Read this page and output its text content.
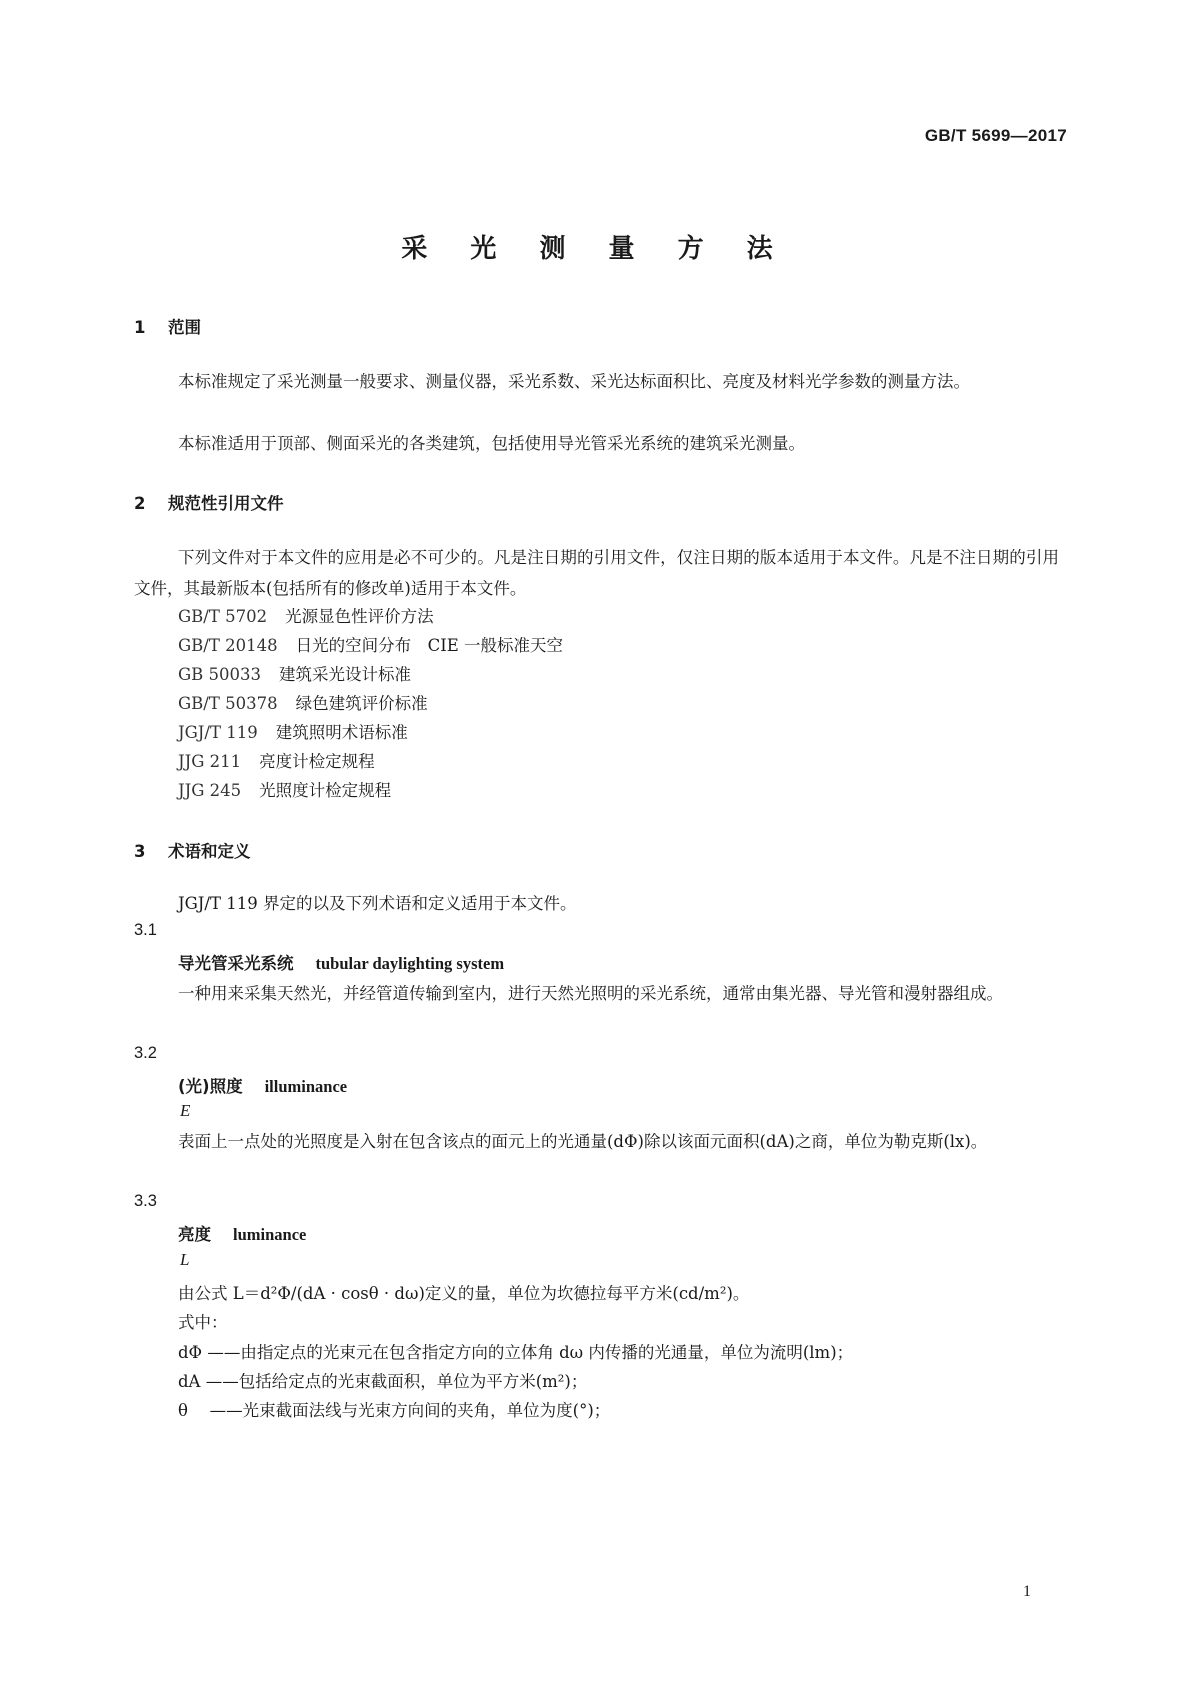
GB/T 5699—2017
采 光 测 量 方 法
1 范围
本标准规定了采光测量一般要求、测量仪器，采光系数、采光达标面积比、亮度及材料光学参数的测量方法。
本标准适用于顶部、侧面采光的各类建筑，包括使用导光管采光系统的建筑采光测量。
2 规范性引用文件
下列文件对于本文件的应用是必不可少的。凡是注日期的引用文件，仅注日期的版本适用于本文件。凡是不注日期的引用文件，其最新版本(包括所有的修改单)适用于本文件。
GB/T 5702 光源显色性评价方法
GB/T 20148 日光的空间分布　CIE 一般标准天空
GB 50033 建筑采光设计标准
GB/T 50378 绿色建筑评价标准
JGJ/T 119 建筑照明术语标准
JJG 211 亮度计检定规程
JJG 245 光照度计检定规程
3 术语和定义
JGJ/T 119 界定的以及下列术语和定义适用于本文件。
3.1
导光管采光系统 tubular daylighting system
一种用来采集天然光，并经管道传输到室内，进行天然光照明的采光系统，通常由集光器、导光管和漫射器组成。
3.2
(光)照度 illuminance
E
表面上一点处的光照度是入射在包含该点的面元上的光通量(dΦ)除以该面元面积(dA)之商，单位为勒克斯(lx)。
3.3
亮度 luminance
L
由公式 L＝d²Φ/(dA · cosθ · dω)定义的量，单位为坎德拉每平方米(cd/m²)。
式中：
dΦ ——由指定点的光束元在包含指定方向的立体角 dω 内传播的光通量，单位为流明(lm)；
dA ——包括给定点的光束截面积，单位为平方米(m²)；
θ 　——光束截面法线与光束方向间的夹角，单位为度(°)；
1
